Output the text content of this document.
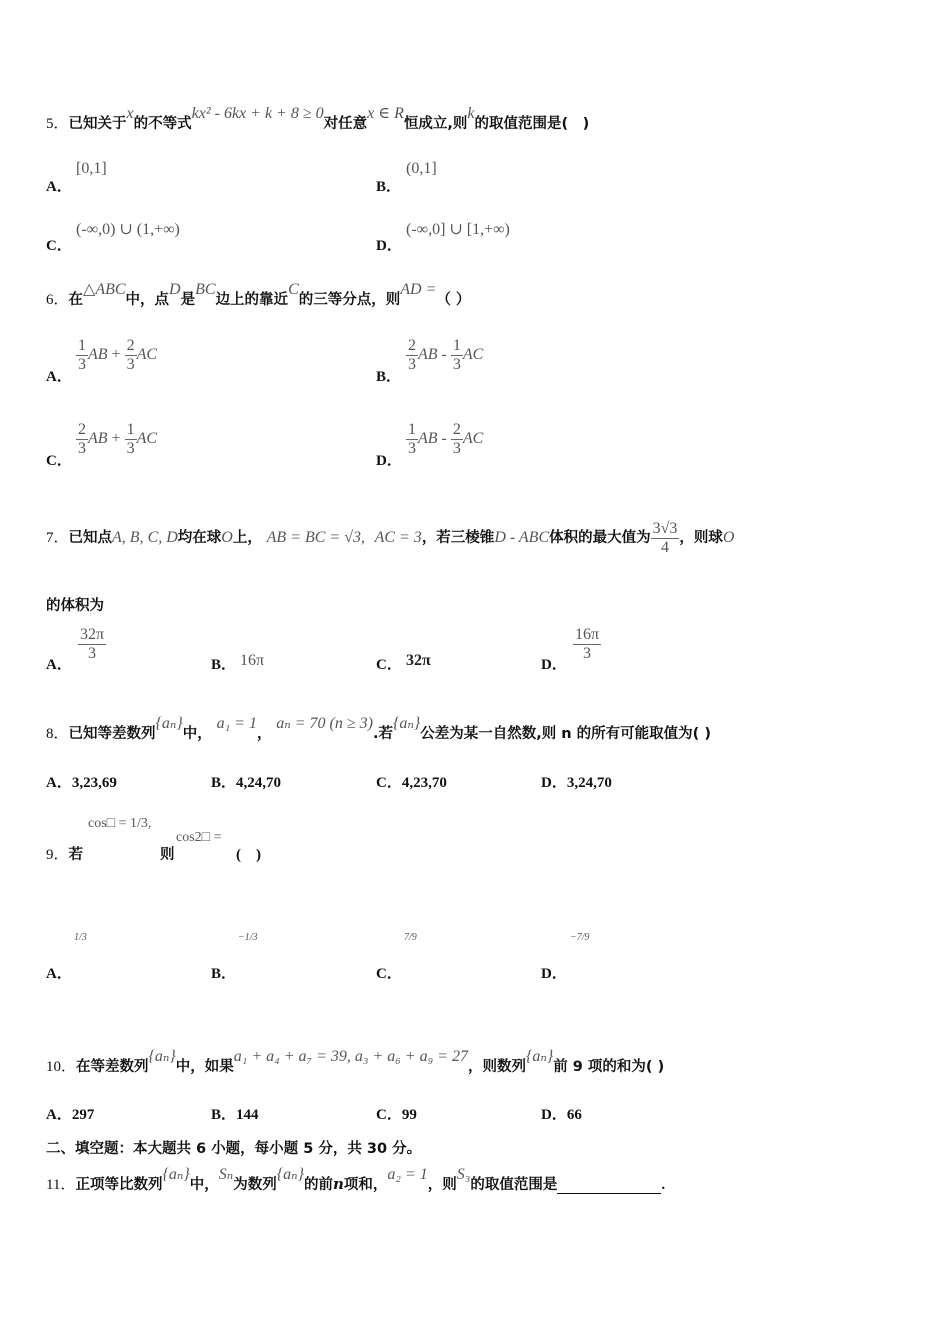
5．已知关于x的不等式kx² - 6kx + k + 8 ≥ 0对任意x ∈ R恒成立,则k的取值范围是(　)
A．
[0,1]
B．
(0,1]
C．
(-∞,0) ∪ (1,+∞)
D．
(-∞,0] ∪ [1,+∞)
6．在△ABC中，点D是BC边上的靠近C的三等分点，则AD =（ ）
A．
$\frac{1}{3}$ AB + $\frac{2}{3}$ AC
B．
$\frac{2}{3}$ AB - $\frac{1}{3}$ AC
C．
$\frac{2}{3}$ AB + $\frac{1}{3}$ AC
D．
$\frac{1}{3}$ AB - $\frac{2}{3}$ AC
7．已知点A, B, C, D均在球O上， AB = BC = √3, AC = 3，若三棱锥D - ABC体积的最大值为 $\frac{3√3}{4}$ ，则球O
的体积为
A．
$\frac{32\pi}{3}$
B． 16π	C． 32π	D．
$\frac{16\pi}{3}$
8．已知等差数列{aₙ}中， a₁ = 1， aₙ = 70 (n ≥ 3).若{aₙ}公差为某一自然数,则 n 的所有可能取值为( )
A．3,23,69	B．4,24,70	C．4,23,70	D．3,24,70
9．若
cos□ = 1/3,
则
cos2□ =
(　)
A．
1/3
B．
−1/3
C．
7/9
D．
−7/9
10．在等差数列{aₙ}中，如果a₁ + a₄ + a₇ = 39, a₃ + a₆ + a₉ = 27，则数列{aₙ}前 9 项的和为( )
A．297	B．144	C．99	D．66
二、填空题：本大题共 6 小题，每小题 5 分，共 30 分。
11．正项等比数列{aₙ}中，Sₙ为数列{aₙ}的前n项和，a₂ = 1，则S₃的取值范围是	.
